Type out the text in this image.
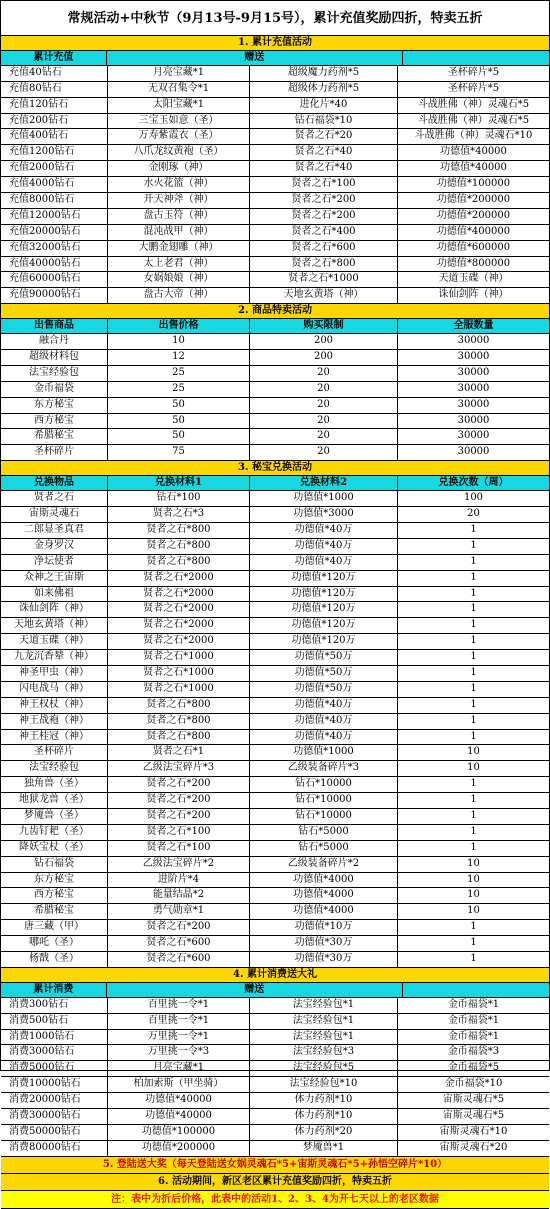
常规活动+中秋节（9月13号-9月15号），累计充值奖励四折，特卖五折
1. 累计充值活动
累计充值	赠送
充值40钻石	月亮宝藏*1	超级魔力药剂*5	圣杯碎片*5
充值80钻石	无双召集令*1	超级体力药剂*5	圣杯碎片*5
充值120钻石	太阳宝藏*1	进化片*40	斗战胜佛（神）灵魂石*5
充值200钻石	三宝玉如意（圣）	钻石福袋*10	斗战胜佛（神）灵魂石*5
充值400钻石	万寿紫霞衣（圣）	贤者之石*20	斗战胜佛（神）灵魂石*10
充值1200钻石	八爪龙纹黄袍（圣）	贤者之石*40	功德值*40000
充值2000钻石	金刚琢（神）	贤者之石*40	功德值*40000
充值4000钻石	水火花篮（神）	贤者之石*100	功德值*100000
充值8000钻石	开天神斧（神）	贤者之石*200	功德值*200000
充值12000钻石	盘古玉符（神）	贤者之石*200	功德值*200000
充值20000钻石	混沌战甲（神）	贤者之石*400	功德值*400000
充值32000钻石	大鹏金翅雕（神）	贤者之石*600	功德值*600000
充值40000钻石	太上老君（神）	贤者之石*800	功德值*800000
充值60000钻石	女娲娘娘（神）	贤者之石*1000	天道玉碟（神）
充值90000钻石	盘古大帝（神）	天地玄黄塔（神）	诛仙剑阵（神）
2. 商品特卖活动
出售商品	出售价格	购买限制	全服数量
融合丹	10	200	30000
超级材料包	12	200	30000
法宝经验包	25	20	30000
金币福袋	25	20	30000
东方秘宝	50	20	30000
西方秘宝	50	20	30000
希腊秘宝	50	20	30000
圣杯碎片	75	20	30000
3. 秘宝兑换活动
兑换物品	兑换材料1	兑换材料2	兑换次数（周）
贤者之石	钻石*100	功德值*1000	100
宙斯灵魂石	贤者之石*3	功德值*3000	20
二郎显圣真君	贤者之石*800	功德值*40万	1
金身罗汉	贤者之石*800	功德值*40万	1
净坛使者	贤者之石*800	功德值*40万	1
众神之王宙斯	贤者之石*2000	功德值*120万	1
如来佛祖	贤者之石*2000	功德值*120万	1
诛仙剑阵（神）	贤者之石*2000	功德值*120万	1
天地玄黄塔（神）	贤者之石*2000	功德值*120万	1
天道玉碟（神）	贤者之石*2000	功德值*120万	1
九龙沉香辇（神）	贤者之石*1000	功德值*50万	1
神圣甲虫（神）	贤者之石*1000	功德值*50万	1
闪电战马（神）	贤者之石*1000	功德值*50万	1
神王权杖（神）	贤者之石*800	功德值*40万	1
神王战袍（神）	贤者之石*800	功德值*40万	1
神王桂冠（神）	贤者之石*800	功德值*40万	1
圣杯碎片	贤者之石*1	功德值*1000	10
法宝经验包	乙级法宝碎片*3	乙级装备碎片*3	10
独角兽（圣）	贤者之石*200	钻石*10000	1
地狱龙兽（圣）	贤者之石*200	钻石*10000	1
梦魇兽（圣）	贤者之石*200	钻石*10000	1
九齿钉耙（圣）	贤者之石*100	钻石*5000	1
降妖宝杖（圣）	贤者之石*100	钻石*5000	1
钻石福袋	乙级法宝碎片*2	乙级装备碎片*2	10
东方秘宝	进阶片*4	功德值*4000	10
西方秘宝	能量结晶*2	功德值*4000	10
希腊秘宝	勇气勋章*1	功德值*4000	10
唐三藏（甲）	贤者之石*200	功德值*10万	1
哪吒（圣）	贤者之石*600	功德值*30万	1
杨戬（圣）	贤者之石*600	功德值*30万	1
4. 累计消费送大礼
累计消费	赠送
消费300钻石	百里挑一令*1	法宝经验包*1	金币福袋*1
消费500钻石	百里挑一令*1	法宝经验包*1	金币福袋*1
消费1000钻石	万里挑一令*1	法宝经验包*1	金币福袋*1
消费3000钻石	万里挑一令*3	法宝经验包*3	金币福袋*3
消费5000钻石	月亮宝藏*1	法宝经验包*5	金币福袋*5
消费10000钻石	柏加索斯（甲坐骑）	法宝经验包*10	金币福袋*10
消费20000钻石	功德值*40000	体力药剂*10	宙斯灵魂石*5
消费30000钻石	功德值*40000	体力药剂*10	宙斯灵魂石*5
消费50000钻石	功德值*100000	体力药剂*20	宙斯灵魂石*10
消费80000钻石	功德值*200000	梦魇兽*1	宙斯灵魂石*20
5. 登陆送大奖（每天登陆送女娲灵魂石*5+宙斯灵魂石*5+孙悟空碎片*10）
6. 活动期间，新区老区累计充值奖励四折，特卖五折
注：表中为折后价格，此表中的活动1、2、3、4为开七天以上的老区数据
